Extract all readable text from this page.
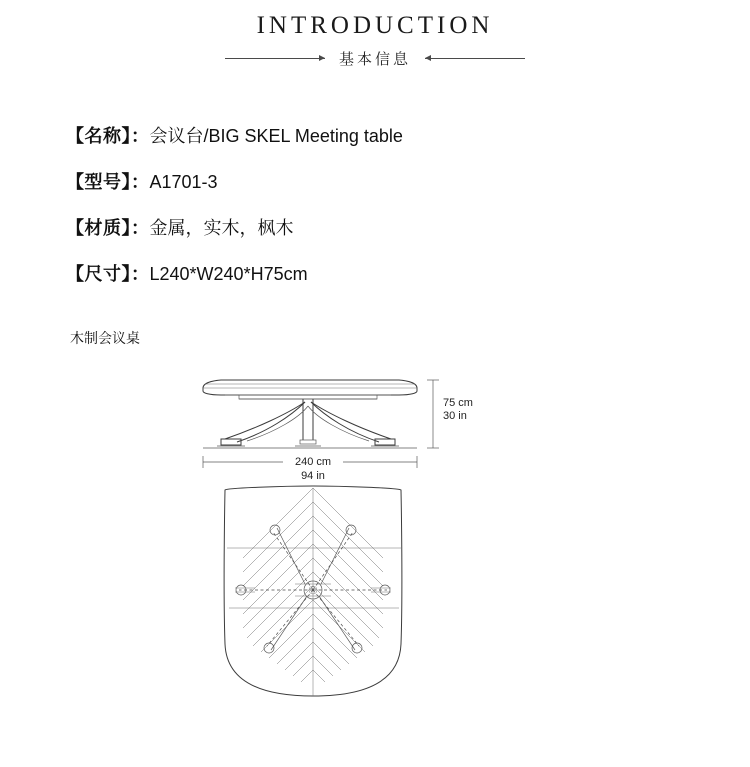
INTRODUCTION
基本信息
【名称】：会议台/BIG SKEL Meeting table
【型号】：A1701-3
【材质】：金属，实木，枫木
【尺寸】：L240*W240*H75cm
木制会议桌
75 cm
30 in
240 cm
94 in
